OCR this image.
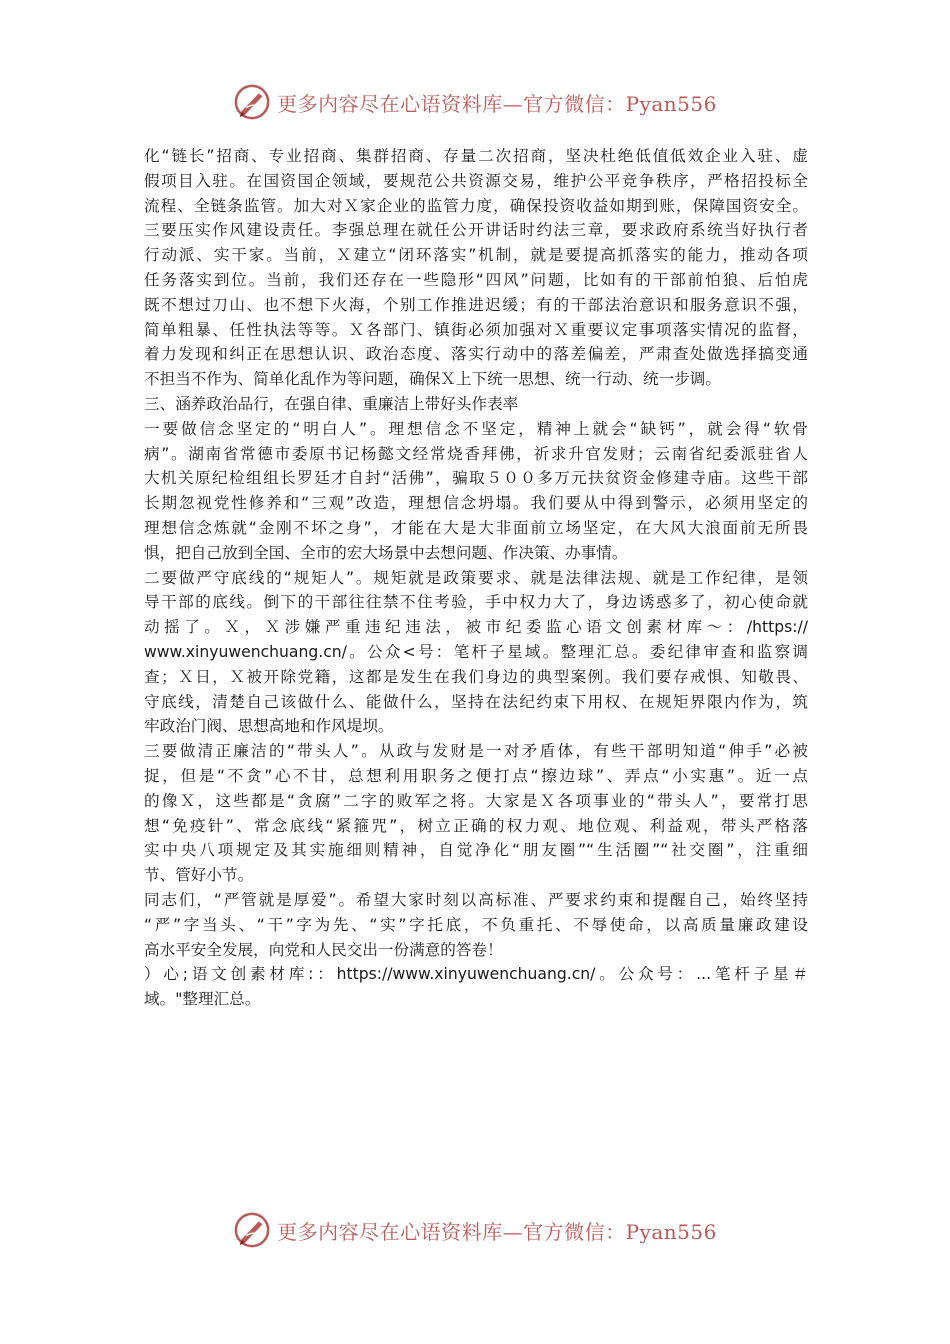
更多内容尽在心语资料库—官方微信：Pyan556
化“链长”招商、专业招商、集群招商、存量二次招商，坚决杜绝低值低效企业入驻、虚
假项目入驻。在国资国企领域，要规范公共资源交易，维护公平竞争秩序，严格招投标全
流程、全链条监管。加大对Ｘ家企业的监管力度，确保投资收益如期到账，保障国资安全。
三要压实作风建设责任。李强总理在就任公开讲话时约法三章，要求政府系统当好执行者
行动派、实干家。当前，Ｘ建立“闭环落实”机制，就是要提高抓落实的能力，推动各项
任务落实到位。当前，我们还存在一些隐形“四风”问题，比如有的干部前怕狼、后怕虎
既不想过刀山、也不想下火海，个别工作推进迟缓；有的干部法治意识和服务意识不强，
简单粗暴、任性执法等等。Ｘ各部门、镇街必须加强对Ｘ重要议定事项落实情况的监督，
着力发现和纠正在思想认识、政治态度、落实行动中的落差偏差，严肃查处做选择搞变通
不担当不作为、简单化乱作为等问题，确保Ｘ上下统一思想、统一行动、统一步调。
三、涵养政治品行，在强自律、重廉洁上带好头作表率
一要做信念坚定的“明白人”。理想信念不坚定，精神上就会“缺钙”，就会得“软骨
病”。湖南省常德市委原书记杨懿文经常烧香拜佛，祈求升官发财；云南省纪委派驻省人
大机关原纪检组组长罗廷才自封“活佛”，骗取５００多万元扶贫资金修建寺庙。这些干部
长期忽视党性修养和“三观”改造，理想信念坍塌。我们要从中得到警示，必须用坚定的
理想信念炼就“金刚不坏之身”，才能在大是大非面前立场坚定，在大风大浪面前无所畏
惧，把自己放到全国、全市的宏大场景中去想问题、作决策、办事情。
二要做严守底线的“规矩人”。规矩就是政策要求、就是法律法规、就是工作纪律，是领
导干部的底线。倒下的干部往往禁不住考验，手中权力大了，身边诱惑多了，初心使命就
动摇了。Ｘ，Ｘ涉嫌严重违纪违法，被市纪委监心语文创素材库～：/https://
www.xinyuwenchuang.cn/。公众<号：笔杆子星域。整理汇总。委纪律审查和监察调
查；Ｘ日，Ｘ被开除党籍，这都是发生在我们身边的典型案例。我们要存戒惧、知敬畏、
守底线，清楚自己该做什么、能做什么，坚持在法纪约束下用权、在规矩界限内作为，筑
牢政治门阀、思想高地和作风堤坝。
三要做清正廉洁的“带头人”。从政与发财是一对矛盾体，有些干部明知道“伸手”必被
捉，但是“不贪”心不甘，总想利用职务之便打点“擦边球”、弄点“小实惠”。近一点
的像Ｘ，这些都是“贪腐”二字的败军之将。大家是Ｘ各项事业的“带头人”，要常打思
想“免疫针”、常念底线“紧箍咒”，树立正确的权力观、地位观、利益观，带头严格落
实中央八项规定及其实施细则精神，自觉净化“朋友圈”“生活圈”“社交圈”，注重细
节、管好小节。
同志们，“严管就是厚爱”。希望大家时刻以高标准、严要求约束和提醒自己，始终坚持
“严”字当头、“干”字为先、“实”字托底，不负重托、不辱使命，以高质量廉政建设
高水平安全发展，向党和人民交出一份满意的答卷！
）心;语文创素材库:：https://www.xinyuwenchuang.cn/。公众号：...笔杆子星＃
域。"整理汇总。
更多内容尽在心语资料库—官方微信：Pyan556
